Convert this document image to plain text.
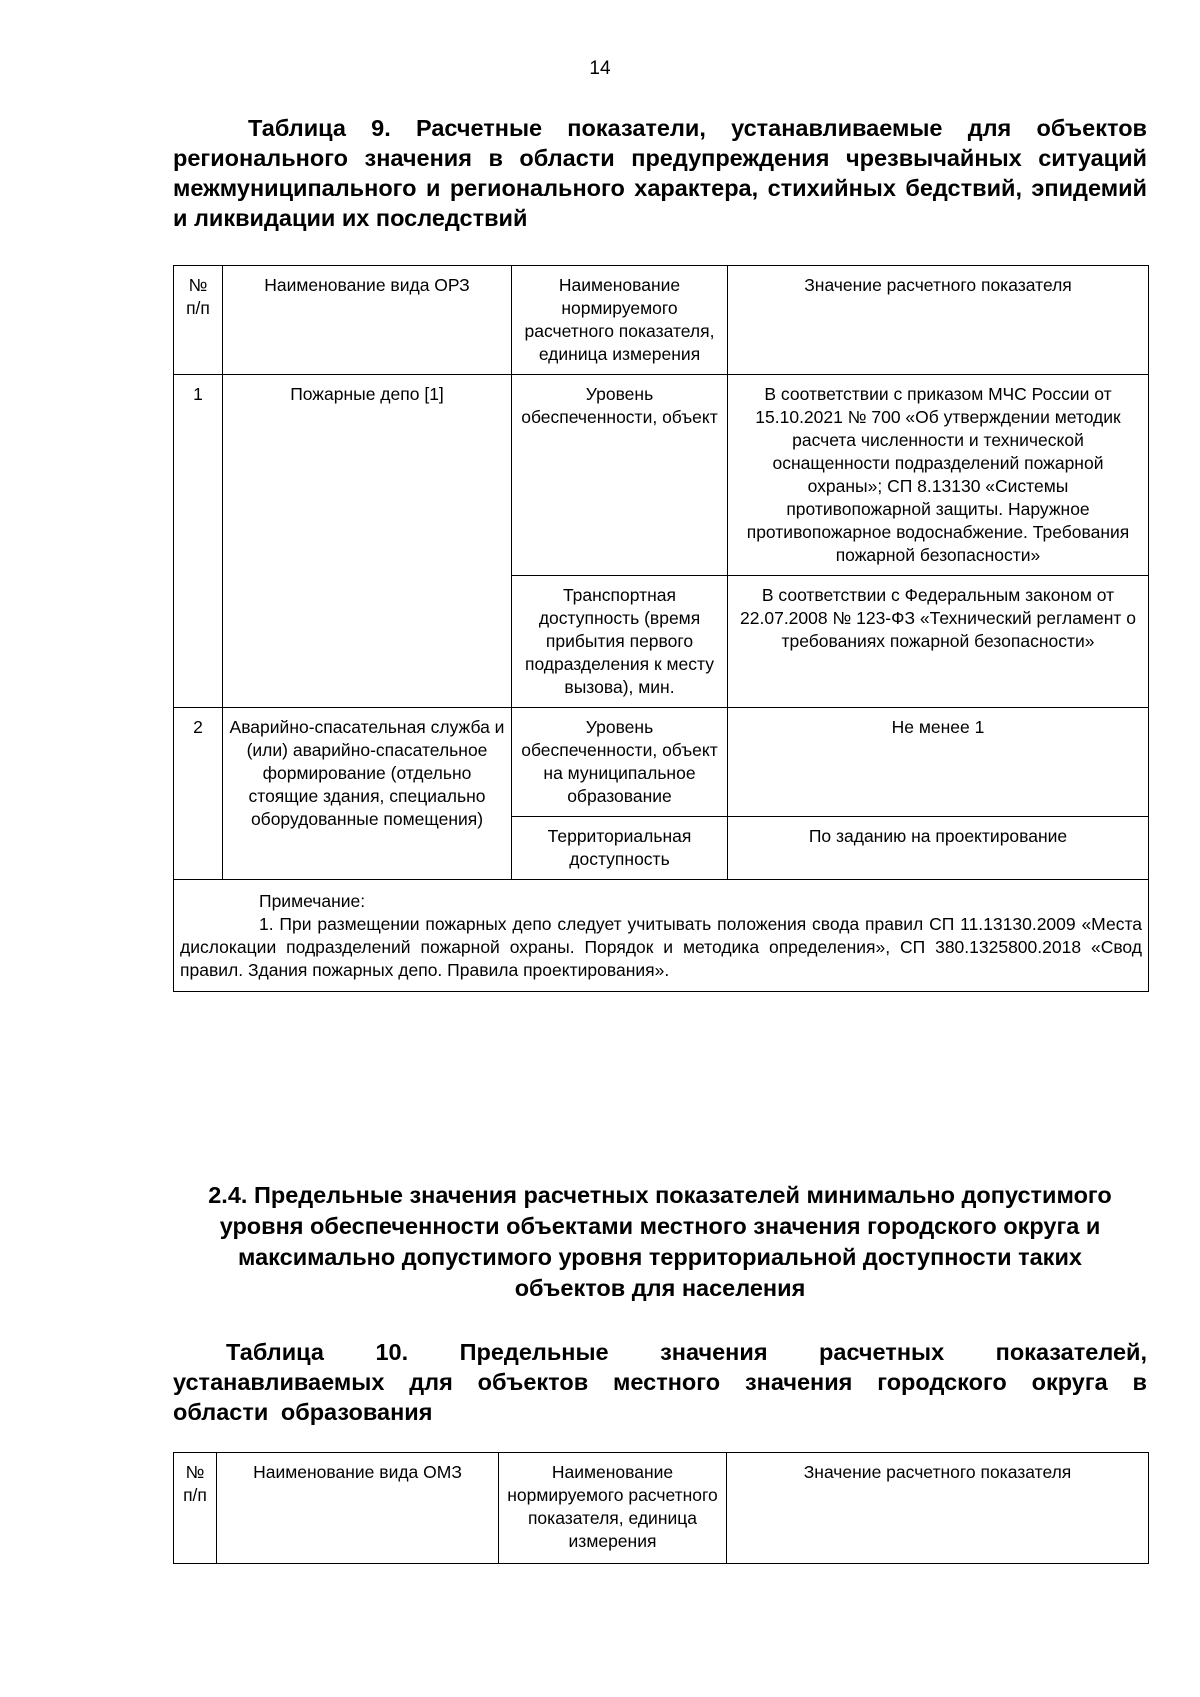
14
Таблица 9. Расчетные показатели, устанавливаемые для объектов регионального значения в области предупреждения чрезвычайных ситуаций межмуниципального и регионального характера, стихийных бедствий, эпидемий и ликвидации их последствий
№ п/п	Наименование вида ОРЗ	Наименование нормируемого расчетного показателя, единица измерения	Значение расчетного показателя
1	Пожарные депо [1]	Уровень обеспеченности, объект	В соответствии с приказом МЧС России от 15.10.2021 № 700 «Об утверждении методик расчета численности и технической оснащенности подразделений пожарной охраны»; СП 8.13130 «Системы противопожарной защиты. Наружное противопожарное водоснабжение. Требования пожарной безопасности»
		Транспортная доступность (время прибытия первого подразделения к месту вызова), мин.	В соответствии с Федеральным законом от 22.07.2008 № 123-ФЗ «Технический регламент о требованиях пожарной безопасности»
2	Аварийно-спасательная служба и (или) аварийно-спасательное формирование (отдельно стоящие здания, специально оборудованные помещения)	Уровень обеспеченности, объект на муниципальное образование	Не менее 1
		Территориальная доступность	По заданию на проектирование

Примечание:
1. При размещении пожарных депо следует учитывать положения свода правил СП 11.13130.2009 «Места дислокации подразделений пожарной охраны. Порядок и методика определения», СП 380.1325800.2018 «Свод правил. Здания пожарных депо. Правила проектирования».			
2.4. Предельные значения расчетных показателей минимально допустимого уровня обеспеченности объектами местного значения городского округа и максимально допустимого уровня территориальной доступности таких объектов для населения
Таблица 10. Предельные значения расчетных показателей, устанавливаемых для объектов местного значения городского округа в области образования
№ п/п	Наименование вида ОМЗ	Наименование нормируемого расчетного показателя, единица измерения	Значение расчетного показателя
